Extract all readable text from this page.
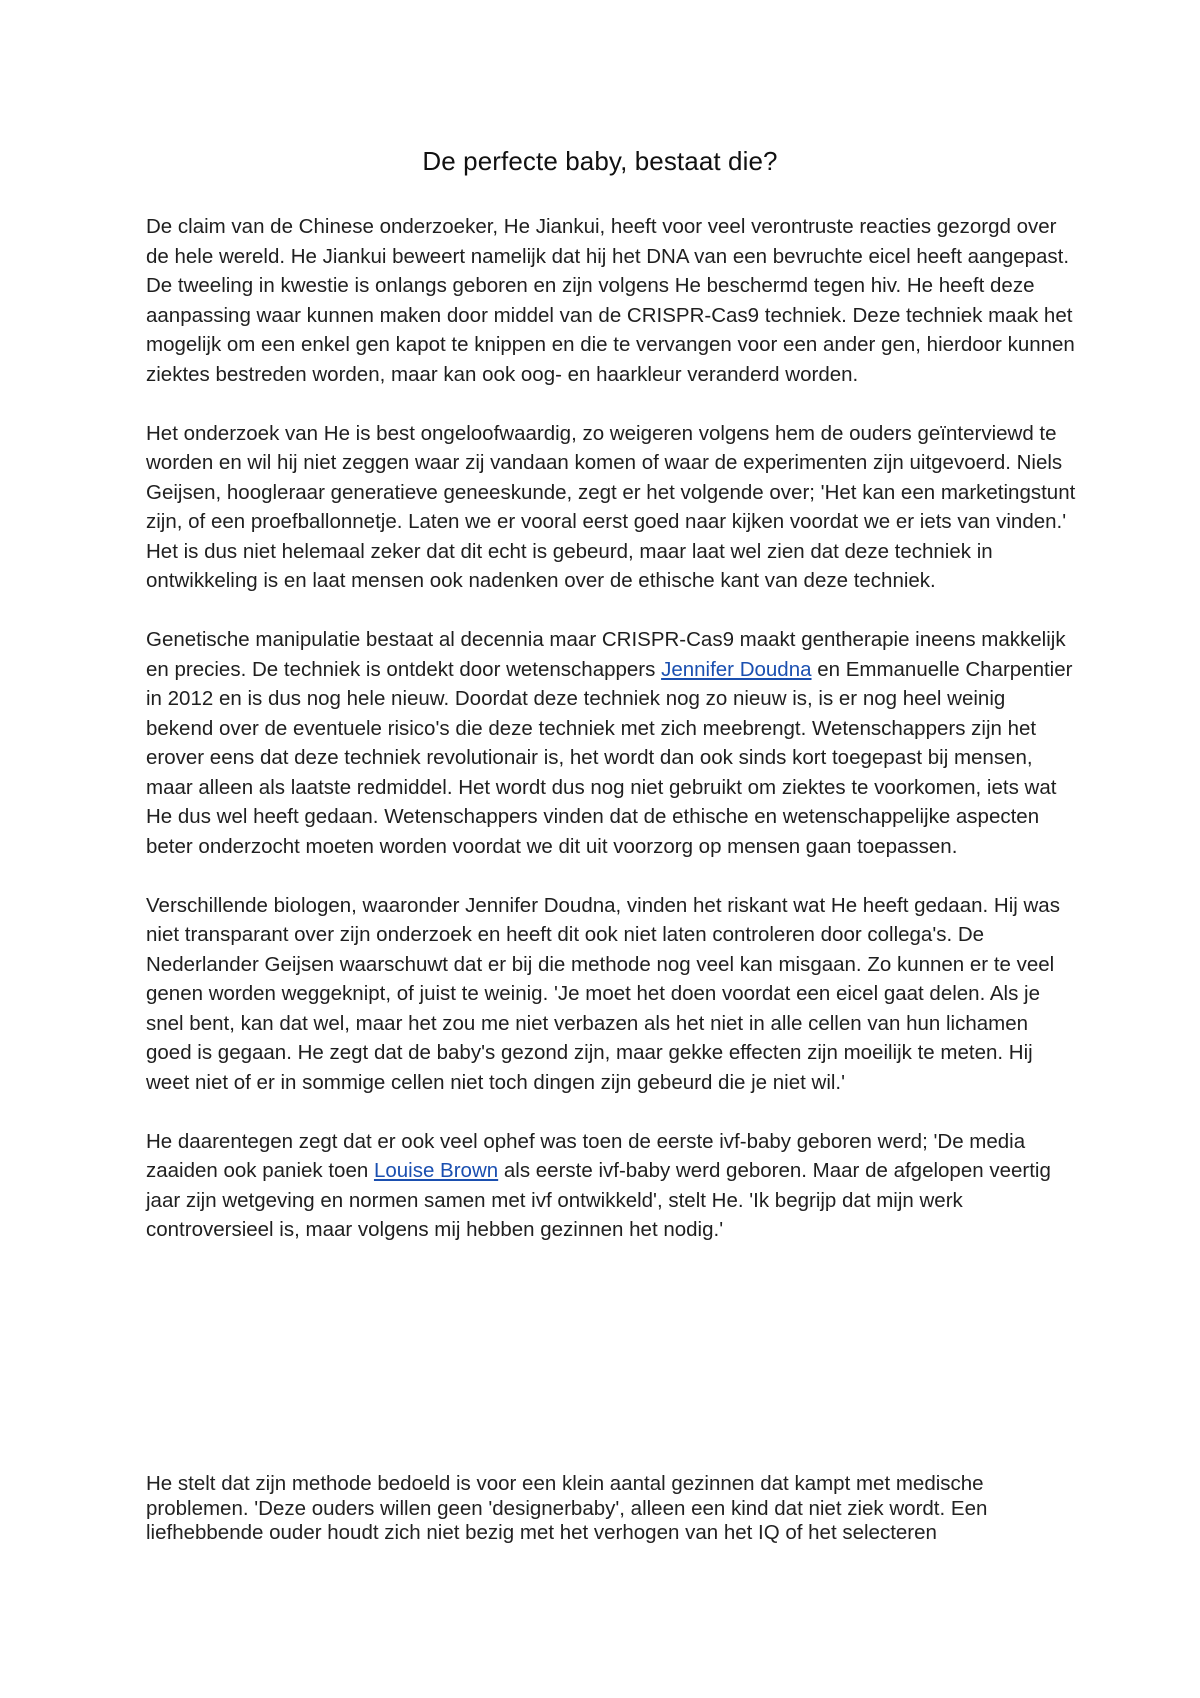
De perfecte baby, bestaat die?

De claim van de Chinese onderzoeker, He Jiankui, heeft voor veel verontruste reacties gezorgd over de hele wereld. He Jiankui beweert namelijk dat hij het DNA van een bevruchte eicel heeft aangepast. De tweeling in kwestie is onlangs geboren en zijn volgens He beschermd tegen hiv. He heeft deze aanpassing waar kunnen maken door middel van de CRISPR-Cas9 techniek. Deze techniek maak het mogelijk om een enkel gen kapot te knippen en die te vervangen voor een ander gen, hierdoor kunnen ziektes bestreden worden, maar kan ook oog- en haarkleur veranderd worden.

Het onderzoek van He is best ongeloofwaardig, zo weigeren volgens hem de ouders geïnterviewd te worden en wil hij niet zeggen waar zij vandaan komen of waar de experimenten zijn uitgevoerd. Niels Geijsen, hoogleraar generatieve geneeskunde, zegt er het volgende over; 'Het kan een marketingstunt zijn, of een proefballonnetje. Laten we er vooral eerst goed naar kijken voordat we er iets van vinden.' Het is dus niet helemaal zeker dat dit echt is gebeurd, maar laat wel zien dat deze techniek in ontwikkeling is en laat mensen ook nadenken over de ethische kant van deze techniek.

Genetische manipulatie bestaat al decennia maar CRISPR-Cas9 maakt gentherapie ineens makkelijk en precies. De techniek is ontdekt door wetenschappers Jennifer Doudna en Emmanuelle Charpentier in 2012 en is dus nog hele nieuw. Doordat deze techniek nog zo nieuw is, is er nog heel weinig bekend over de eventuele risico's die deze techniek met zich meebrengt. Wetenschappers zijn het erover eens dat deze techniek revolutionair is, het wordt dan ook sinds kort toegepast bij mensen, maar alleen als laatste redmiddel. Het wordt dus nog niet gebruikt om ziektes te voorkomen, iets wat He dus wel heeft gedaan. Wetenschappers vinden dat de ethische en wetenschappelijke aspecten beter onderzocht moeten worden voordat we dit uit voorzorg op mensen gaan toepassen.

Verschillende biologen, waaronder Jennifer Doudna, vinden het riskant wat He heeft gedaan. Hij was niet transparant over zijn onderzoek en heeft dit ook niet laten controleren door collega's. De Nederlander Geijsen waarschuwt dat er bij die methode nog veel kan misgaan. Zo kunnen er te veel genen worden weggeknipt, of juist te weinig. 'Je moet het doen voordat een eicel gaat delen. Als je snel bent, kan dat wel, maar het zou me niet verbazen als het niet in alle cellen van hun lichamen goed is gegaan. He zegt dat de baby's gezond zijn, maar gekke effecten zijn moeilijk te meten. Hij weet niet of er in sommige cellen niet toch dingen zijn gebeurd die je niet wil.'

He daarentegen zegt dat er ook veel ophef was toen de eerste ivf-baby geboren werd; 'De media zaaiden ook paniek toen Louise Brown als eerste ivf-baby werd geboren. Maar de afgelopen veertig jaar zijn wetgeving en normen samen met ivf ontwikkeld', stelt He. 'Ik begrijp dat mijn werk controversieel is, maar volgens mij hebben gezinnen het nodig.'

He stelt dat zijn methode bedoeld is voor een klein aantal gezinnen dat kampt met medische problemen. 'Deze ouders willen geen 'designerbaby', alleen een kind dat niet ziek wordt. Een liefhebbende ouder houdt zich niet bezig met het verhogen van het IQ of het selecteren
